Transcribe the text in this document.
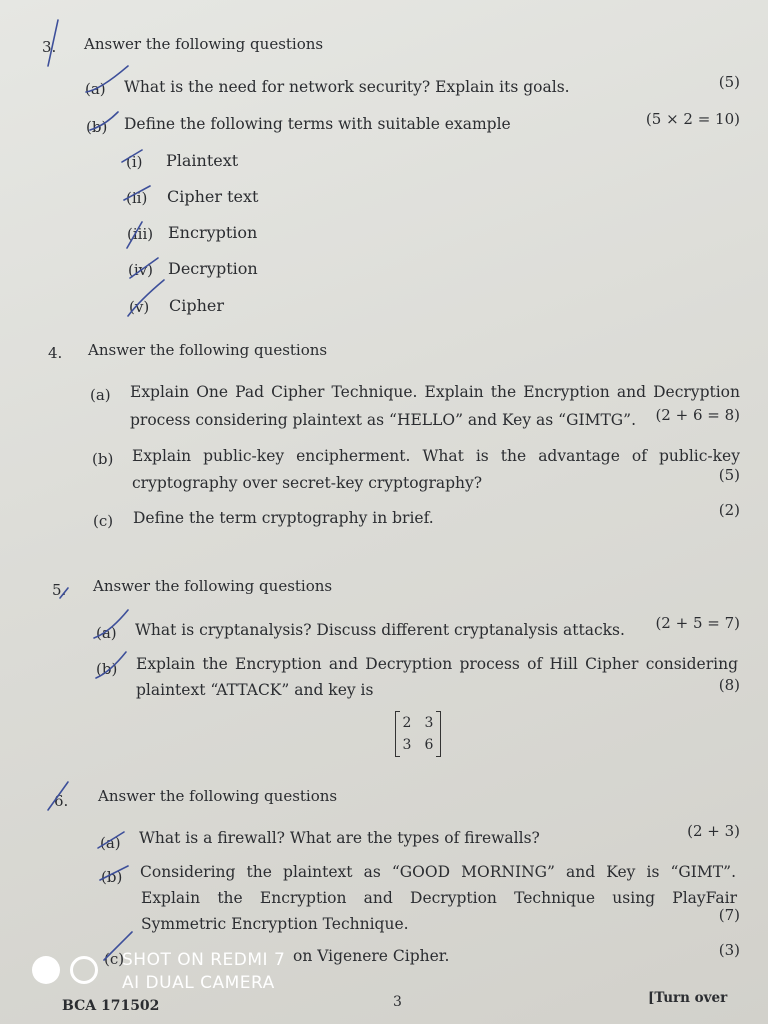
3. Answer the following questions
(a) What is the need for network security? Explain its goals.	(5)
(b) Define the following terms with suitable example	(5 × 2 = 10)
(i) Plaintext
(ii) Cipher text
(iii) Encryption
(iv) Decryption
(v) Cipher
4. Answer the following questions
(a) Explain One Pad Cipher Technique. Explain the Encryption and Decryption
process considering plaintext as “HELLO” and Key as “GIMTG”. (2 + 6 = 8)
(b) Explain public-key encipherment. What is the advantage of public-key
cryptography over secret-key cryptography?	(5)
(c) Define the term cryptography in brief.	(2)
5. Answer the following questions
(a) What is cryptanalysis? Discuss different cryptanalysis attacks. (2 + 5 = 7)
(b) Explain the Encryption and Decryption process of Hill Cipher considering
plaintext “ATTACK” and key is	(8)
2 3
3 6
6. Answer the following questions
(a) What is a firewall? What are the types of firewalls?	(2 + 3)
(b) Considering the plaintext as “GOOD MORNING” and Key is “GIMT”.
Explain the Encryption and Decryption Technique using PlayFair
Symmetric Encryption Technique.	(7)
(c)	on Vigenere Cipher.	(3)
BCA 171502	3	[Turn over
SHOT ON REDMI 7
AI DUAL CAMERA
